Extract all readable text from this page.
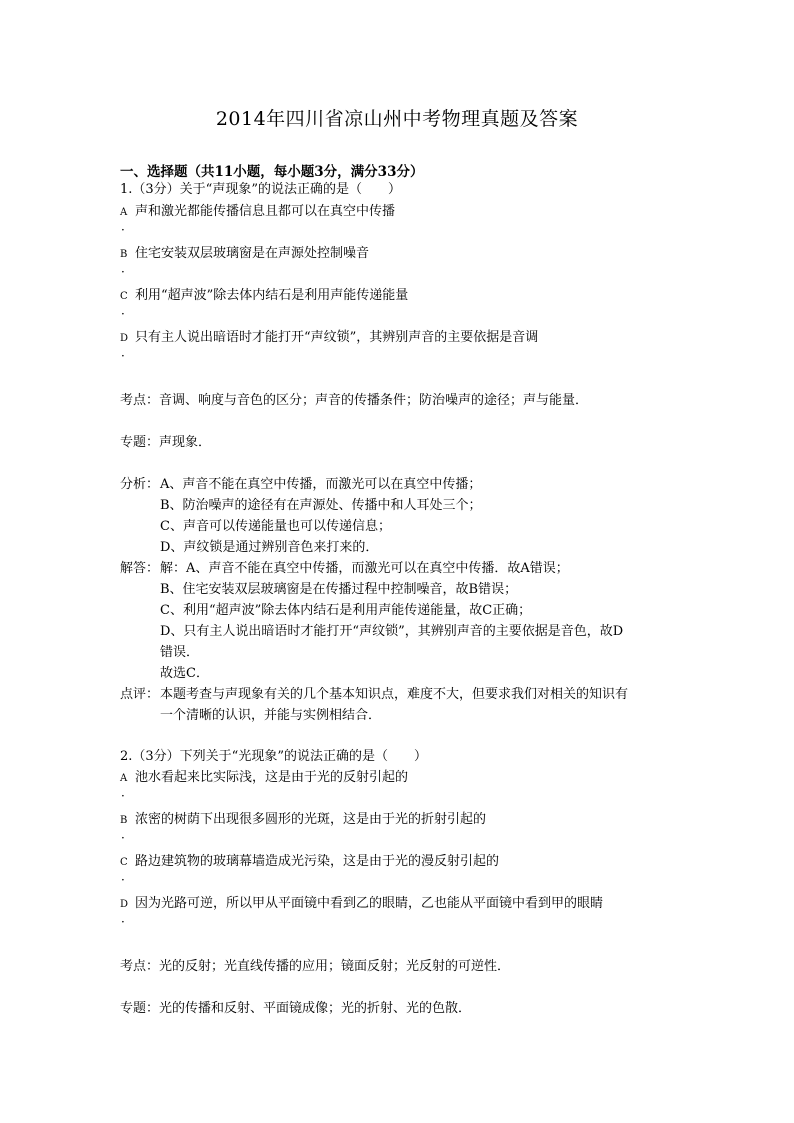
2014年四川省凉山州中考物理真题及答案
一、选择题（共11小题，每小题3分，满分33分）
1.（3分）关于“声现象”的说法正确的是（　　）
A 声和激光都能传播信息且都可以在真空中传播
·
B 住宅安装双层玻璃窗是在声源处控制噪音
·
C 利用“超声波”除去体内结石是利用声能传递能量
·
D 只有主人说出暗语时才能打开“声纹锁”，其辨别声音的主要依据是音调
·
考点：音调、响度与音色的区分；声音的传播条件；防治噪声的途径；声与能量．
专题：声现象．
分析： A、声音不能在真空中传播，而激光可以在真空中传播；
B、防治噪声的途径有在声源处、传播中和人耳处三个；
C、声音可以传递能量也可以传递信息；
D、声纹锁是通过辨别音色来打来的．
解答： 解：A、声音不能在真空中传播，而激光可以在真空中传播．故A错误；
B、住宅安装双层玻璃窗是在传播过程中控制噪音，故B错误；
C、利用“超声波”除去体内结石是利用声能传递能量，故C正确；
D、只有主人说出暗语时才能打开“声纹锁”，其辨别声音的主要依据是音色，故D
错误．
故选C．
点评： 本题考查与声现象有关的几个基本知识点，难度不大，但要求我们对相关的知识有
一个清晰的认识，并能与实例相结合．
2.（3分）下列关于“光现象”的说法正确的是（　　）
A 池水看起来比实际浅，这是由于光的反射引起的
·
B 浓密的树荫下出现很多圆形的光斑，这是由于光的折射引起的
·
C 路边建筑物的玻璃幕墙造成光污染，这是由于光的漫反射引起的
·
D 因为光路可逆，所以甲从平面镜中看到乙的眼睛，乙也能从平面镜中看到甲的眼睛
·
考点：光的反射；光直线传播的应用；镜面反射；光反射的可逆性．
专题：光的传播和反射、平面镜成像；光的折射、光的色散．
